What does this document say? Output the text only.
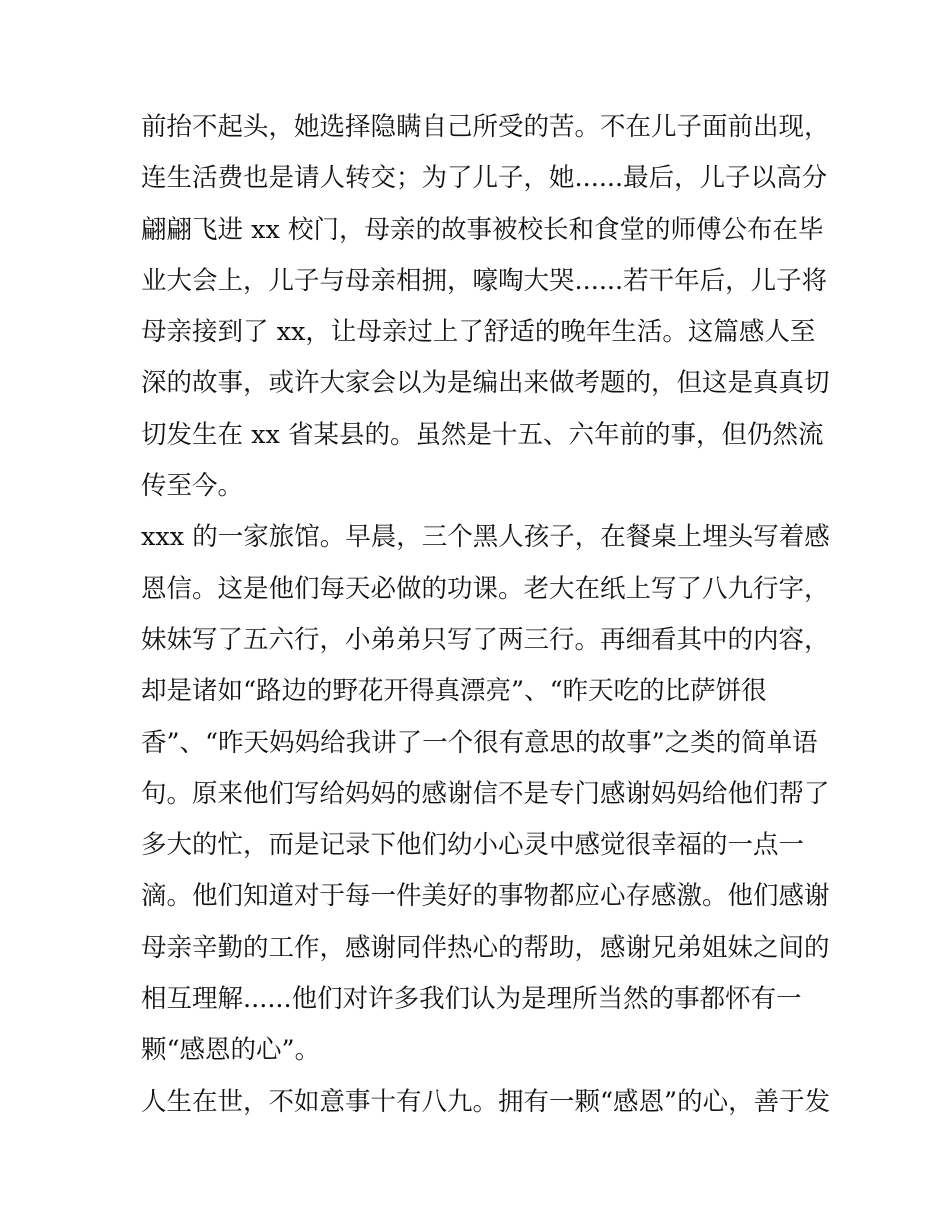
前抬不起头，她选择隐瞒自己所受的苦。不在儿子面前出现，
连生活费也是请人转交；为了儿子，她......最后，儿子以高分
翩翩飞进 xx 校门，母亲的故事被校长和食堂的师傅公布在毕
业大会上，儿子与母亲相拥，嚎啕大哭......若干年后，儿子将
母亲接到了 xx，让母亲过上了舒适的晚年生活。这篇感人至
深的故事，或许大家会以为是编出来做考题的，但这是真真切
切发生在 xx 省某县的。虽然是十五、六年前的事，但仍然流
传至今。
xxx 的一家旅馆。早晨，三个黑人孩子，在餐桌上埋头写着感
恩信。这是他们每天必做的功课。老大在纸上写了八九行字，
妹妹写了五六行，小弟弟只写了两三行。再细看其中的内容，
却是诸如“路边的野花开得真漂亮”、“昨天吃的比萨饼很
香”、“昨天妈妈给我讲了一个很有意思的故事”之类的简单语
句。原来他们写给妈妈的感谢信不是专门感谢妈妈给他们帮了
多大的忙，而是记录下他们幼小心灵中感觉很幸福的一点一
滴。他们知道对于每一件美好的事物都应心存感激。他们感谢
母亲辛勤的工作，感谢同伴热心的帮助，感谢兄弟姐妹之间的
相互理解......他们对许多我们认为是理所当然的事都怀有一
颗“感恩的心”。
人生在世，不如意事十有八九。拥有一颗“感恩”的心，善于发
